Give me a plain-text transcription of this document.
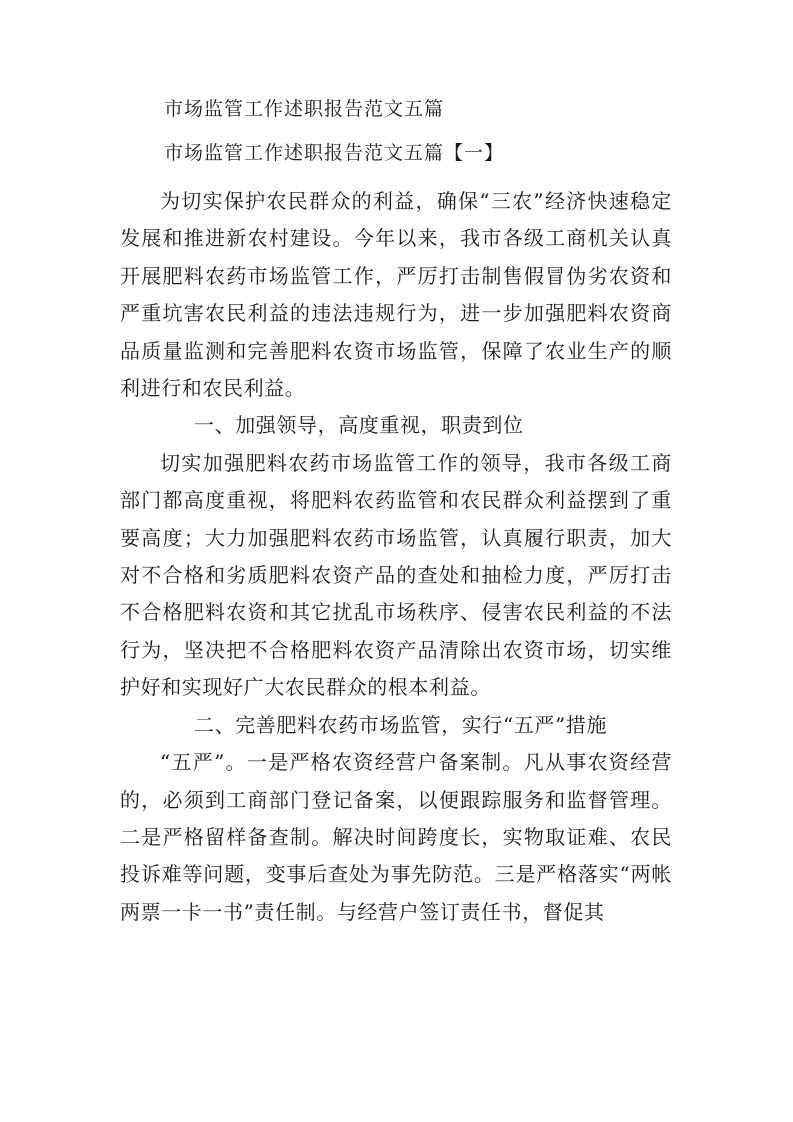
市场监管工作述职报告范文五篇
市场监管工作述职报告范文五篇【一】

为切实保护农民群众的利益，确保“三农”经济快速稳定发展和推进新农村建设。今年以来，我市各级工商机关认真开展肥料农药市场监管工作，严厉打击制售假冒伪劣农资和严重坑害农民利益的违法违规行为，进一步加强肥料农资商品质量监测和完善肥料农资市场监管，保障了农业生产的顺利进行和农民利益。

一、加强领导，高度重视，职责到位

切实加强肥料农药市场监管工作的领导，我市各级工商部门都高度重视，将肥料农药监管和农民群众利益摆到了重要高度；大力加强肥料农药市场监管，认真履行职责，加大对不合格和劣质肥料农资产品的查处和抽检力度，严厉打击不合格肥料农资和其它扰乱市场秩序、侵害农民利益的不法行为，坚决把不合格肥料农资产品清除出农资市场，切实维护好和实现好广大农民群众的根本利益。

二、完善肥料农药市场监管，实行“五严”措施

“五严”。一是严格农资经营户备案制。凡从事农资经营的，必须到工商部门登记备案，以便跟踪服务和监督管理。二是严格留样备查制。解决时间跨度长，实物取证难、农民投诉难等问题，变事后查处为事先防范。三是严格落实“两帐两票一卡一书”责任制。与经营户签订责任书，督促其
